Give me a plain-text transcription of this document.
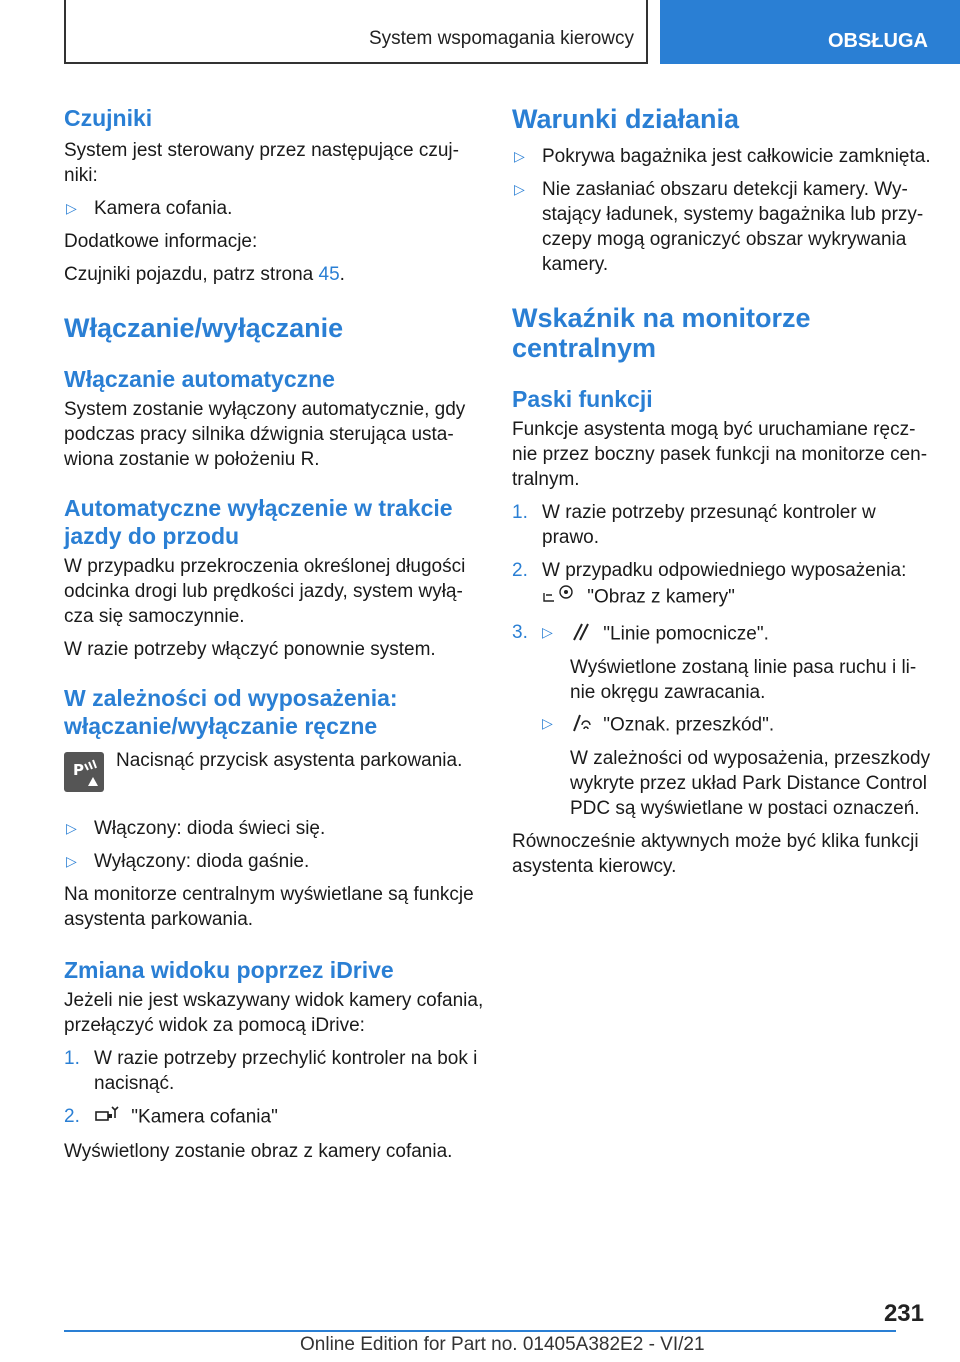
System wspomagania kierowcy	OBSŁUGA
Czujniki

System jest sterowany przez następujące czuj-niki:

▷ Kamera cofania.

Dodatkowe informacje:

Czujniki pojazdu, patrz strona 45.

Włączanie/wyłączanie
Włączanie automatyczne

System zostanie wyłączony automatycznie, gdy podczas pracy silnika dźwignia sterująca usta-wiona zostanie w położeniu R.

Automatyczne wyłączenie w trakcie jazdy do przodu

W przypadku przekroczenia określonej długości odcinka drogi lub prędkości jazdy, system wyłą-cza się samoczynnie.

W razie potrzeby włączyć ponownie system.

W zależności od wyposażenia: włączanie/wyłączanie ręczne
P Nacisnąć przycisk asystenta parkowania.
▷ Włączony: dioda świeci się.
▷ Wyłączony: dioda gaśnie.

Na monitorze centralnym wyświetlane są funkcje asystenta parkowania.

Zmiana widoku poprzez iDrive

Jeżeli nie jest wskazywany widok kamery cofania, przełączyć widok za pomocą iDrive:

1. W razie potrzeby przechylić kontroler na bok i nacisnąć.
2.	"Kamera cofania"

Wyświetlony zostanie obraz z kamery cofania.

Warunki działania
▷ Pokrywa bagażnika jest całkowicie zamknięta.
▷ Nie zasłaniać obszaru detekcji kamery. Wy-stający ładunek, systemy bagażnika lub przy-czepy mogą ograniczyć obszar wykrywania kamery.
Wskaźnik na monitorze centralnym
Paski funkcji

Funkcje asystenta mogą być uruchamiane ręcz-nie przez boczny pasek funkcji na monitorze cen-tralnym.

1. W razie potrzeby przesunąć kontroler w prawo.
2. W przypadku odpowiedniego wyposażenia:
"Obraz z kamery"
3. ▷	"Linie pomocnicze".
Wyświetlone zostaną linie pasa ruchu i li-nie okręgu zawracania.
▷	"Oznak. przeszkód".
W zależności od wyposażenia, przeszkody wykryte przez układ Park Distance Control PDC są wyświetlane w postaci oznaczeń.

Równocześnie aktywnych może być klika funkcji asystenta kierowcy.

231
Online Edition for Part no. 01405A382E2 - VI/21
